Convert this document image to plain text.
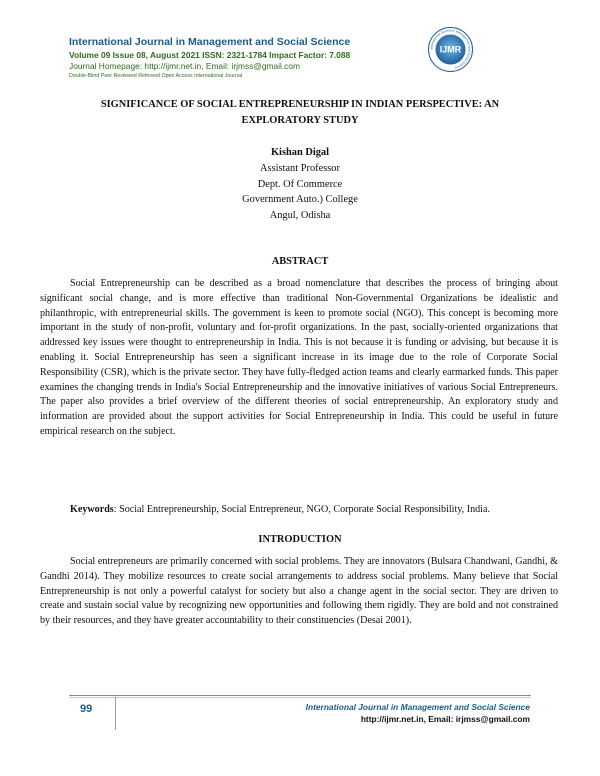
International Journal in Management and Social Science
Volume 09 Issue 08, August 2021 ISSN: 2321-1784 Impact Factor: 7.088
Journal Homepage: http://ijmr.net.in, Email: irjmss@gmail.com
Double-Blind Peer Reviewed Refereed Open Access International Journal
International Journal in Management and Social Science
IJMR
SIGNIFICANCE OF SOCIAL ENTREPRENEURSHIP IN INDIAN PERSPECTIVE: AN EXPLORATORY STUDY
Kishan Digal
Assistant Professor
Dept. Of Commerce
Government Auto.) College
Angul, Odisha
ABSTRACT

Social Entrepreneurship can be described as a broad nomenclature that describes the process of bringing about significant social change, and is more effective than traditional Non-Governmental Organizations be idealistic and philanthropic, with entrepreneurial skills. The government is keen to promote social (NGO). This concept is becoming more important in the study of non-profit, voluntary and for-profit organizations. In the past, socially-oriented organizations that addressed key issues were thought to entrepreneurship in India. This is not because it is funding or advising, but because it is enabling it. Social Entrepreneurship has seen a significant increase in its image due to the role of Corporate Social Responsibility (CSR), which is the private sector. They have fully-fledged action teams and clearly earmarked funds. This paper examines the changing trends in India's Social Entrepreneurship and the innovative initiatives of various Social Entrepreneurs. The paper also provides a brief overview of the different theories of social entrepreneurship. An exploratory study and information are provided about the support activities for Social Entrepreneurship in India. This could be useful in future empirical research on the subject.

Keywords: Social Entrepreneurship, Social Entrepreneur, NGO, Corporate Social Responsibility, India.

INTRODUCTION

Social entrepreneurs are primarily concerned with social problems. They are innovators (Bulsara Chandwani, Gandhi, & Gandhi 2014). They mobilize resources to create social arrangements to address social problems. Many believe that Social Entrepreneurship is not only a powerful catalyst for society but also a change agent in the social sector. They are driven to create and sustain social value by recognizing new opportunities and following them rigidly. They are bold and not constrained by their resources, and they have greater accountability to their constituencies (Desai 2001).

99	International Journal in Management and Social Science
http://ijmr.net.in, Email: irjmss@gmail.com
